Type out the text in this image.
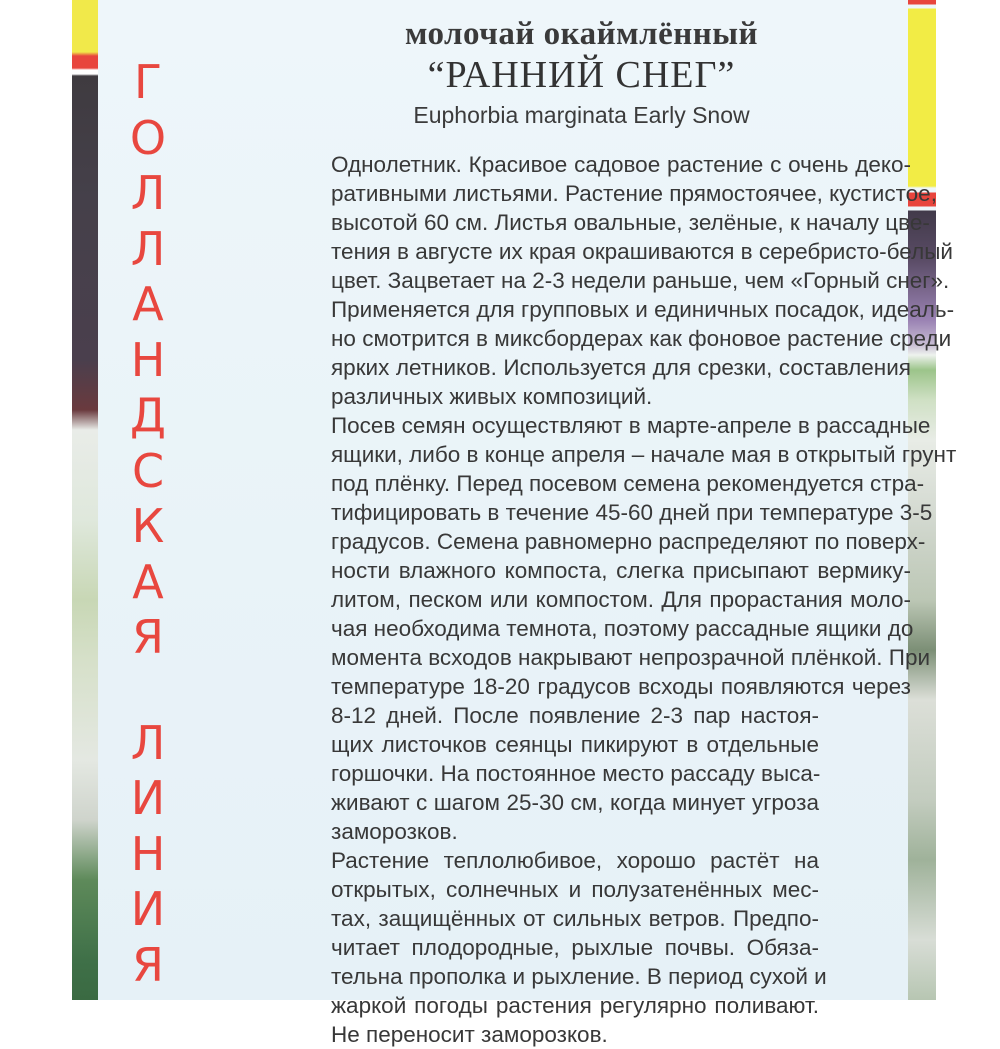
Г
О
Л
Л
А
Н
Д
С
К
А
Я
Л
И
Н
И
Я
молочай окаймлённый
“РАННИЙ СНЕГ”
Euphorbia marginata Early Snow
Однолетник. Красивое садовое растение с очень деко-
ративными листьями. Растение прямостоячее, кустистое,
высотой 60 см. Листья овальные, зелёные, к началу цве-
тения в августе их края окрашиваются в серебристо-белый
цвет. Зацветает на 2-3 недели раньше, чем «Горный снег».
Применяется для групповых и единичных посадок, идеаль-
но смотрится в миксбордерах как фоновое растение среди
ярких летников. Используется для срезки, составления
различных живых композиций.
Посев семян осуществляют в марте-апреле в рассадные
ящики, либо в конце апреля – начале мая в открытый грунт
под плёнку. Перед посевом семена рекомендуется стра-
тифицировать в течение 45-60 дней при температуре 3-5
градусов. Семена равномерно распределяют по поверх-
ности влажного компоста, слегка присыпают вермику-
литом, песком или компостом. Для прорастания моло-
чая необходима темнота, поэтому рассадные ящики до
момента всходов накрывают непрозрачной плёнкой. При
температуре 18-20 градусов всходы появляются через
8-12 дней. После появление 2-3 пар настоя-
щих листочков сеянцы пикируют в отдельные
горшочки. На постоянное место рассаду выса-
живают с шагом 25-30 см, когда минует угроза
заморозков.
Растение теплолюбивое, хорошо растёт на
открытых, солнечных и полузатенённых мес-
тах, защищённых от сильных ветров. Предпо-
читает плодородные, рыхлые почвы. Обяза-
тельна прополка и рыхление. В период сухой и
жаркой погоды растения регулярно поливают.
Не переносит заморозков.
